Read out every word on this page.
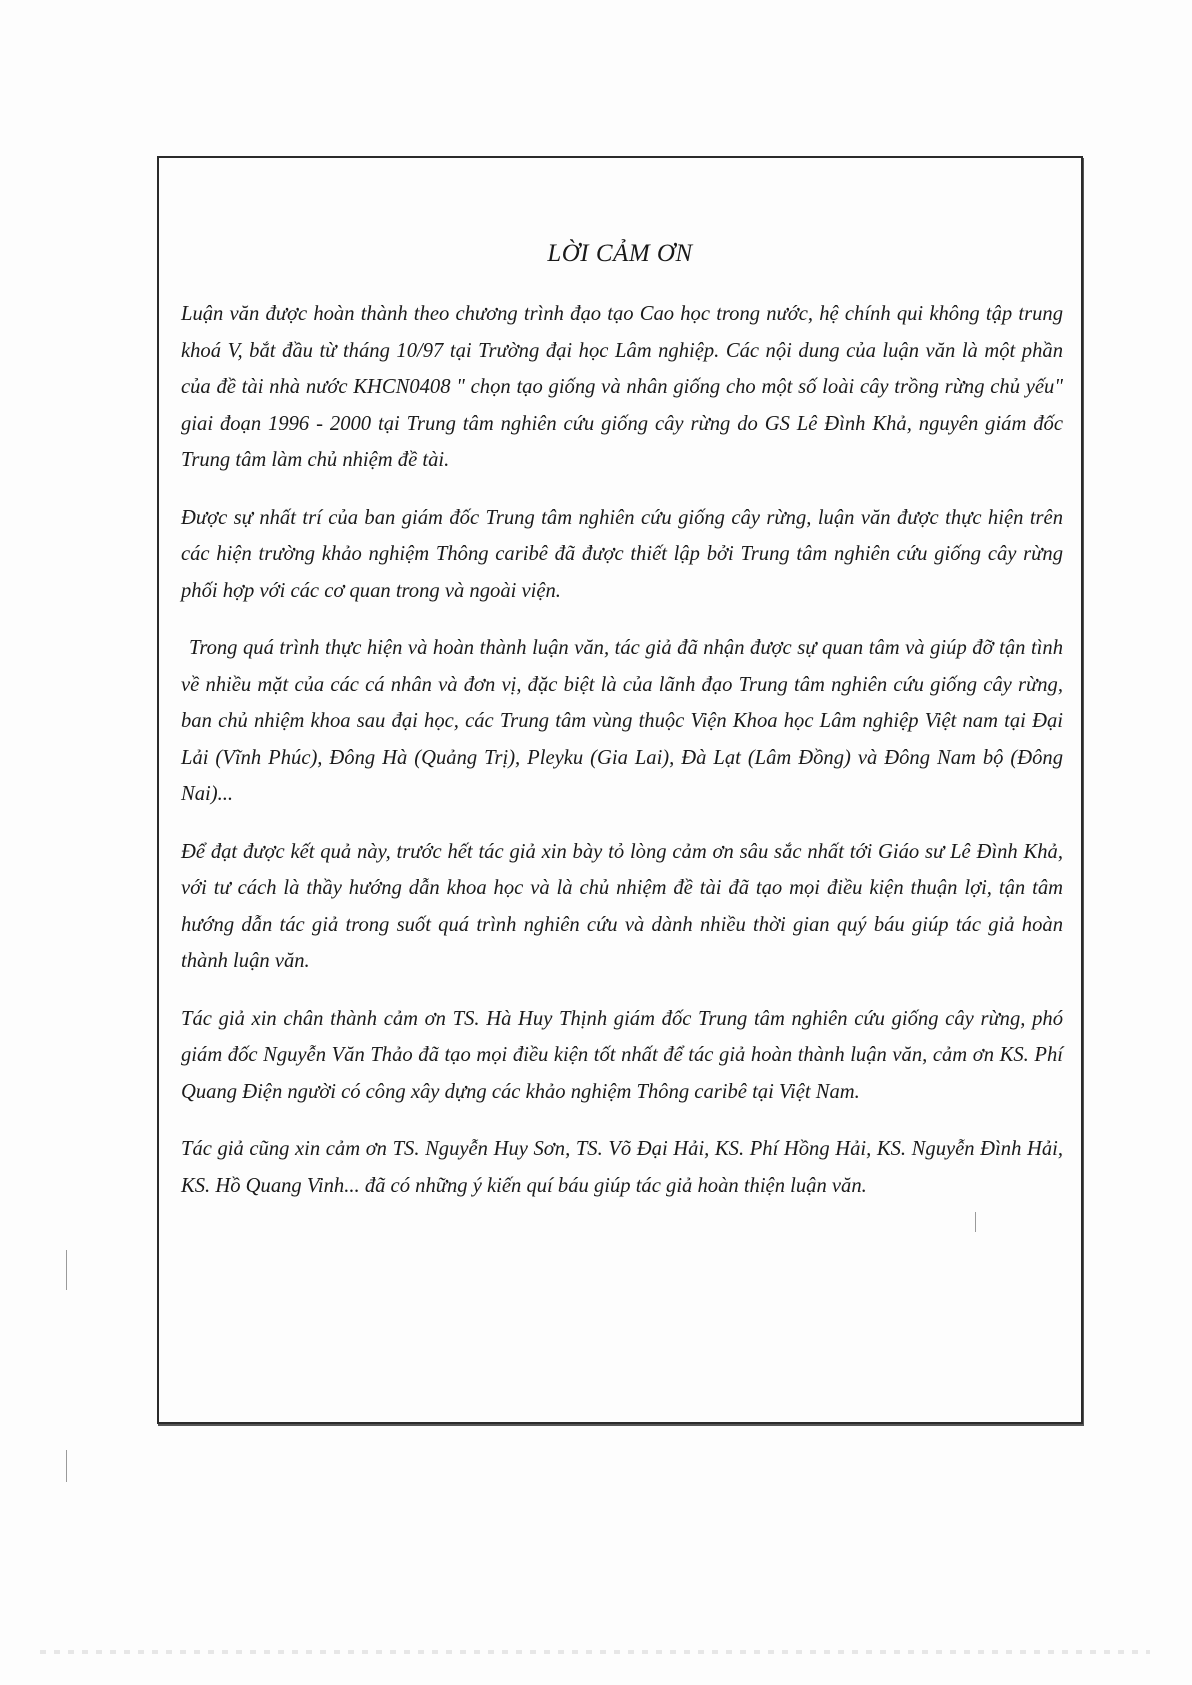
LỜI CẢM ƠN

Luận văn được hoàn thành theo chương trình đạo tạo Cao học trong nước, hệ chính qui không tập trung khoá V, bắt đầu từ tháng 10/97 tại Trường đại học Lâm nghiệp. Các nội dung của luận văn là một phần của đề tài nhà nước KHCN0408 " chọn tạo giống và nhân giống cho một số loài cây trồng rừng chủ yếu" giai đoạn 1996 - 2000 tại Trung tâm nghiên cứu giống cây rừng do GS Lê Đình Khả, nguyên giám đốc Trung tâm làm chủ nhiệm đề tài.

Được sự nhất trí của ban giám đốc Trung tâm nghiên cứu giống cây rừng, luận văn được thực hiện trên các hiện trường khảo nghiệm Thông caribê đã được thiết lập bởi Trung tâm nghiên cứu giống cây rừng phối hợp với các cơ quan trong và ngoài viện.

Trong quá trình thực hiện và hoàn thành luận văn, tác giả đã nhận được sự quan tâm và giúp đỡ tận tình về nhiều mặt của các cá nhân và đơn vị, đặc biệt là của lãnh đạo Trung tâm nghiên cứu giống cây rừng, ban chủ nhiệm khoa sau đại học, các Trung tâm vùng thuộc Viện Khoa học Lâm nghiệp Việt nam tại Đại Lải (Vĩnh Phúc), Đông Hà (Quảng Trị), Pleyku (Gia Lai), Đà Lạt (Lâm Đồng) và Đông Nam bộ (Đông Nai)...

Để đạt được kết quả này, trước hết tác giả xin bày tỏ lòng cảm ơn sâu sắc nhất tới Giáo sư Lê Đình Khả, với tư cách là thầy hướng dẫn khoa học và là chủ nhiệm đề tài đã tạo mọi điều kiện thuận lợi, tận tâm hướng dẫn tác giả trong suốt quá trình nghiên cứu và dành nhiều thời gian quý báu giúp tác giả hoàn thành luận văn.

Tác giả xin chân thành cảm ơn TS. Hà Huy Thịnh giám đốc Trung tâm nghiên cứu giống cây rừng, phó giám đốc Nguyễn Văn Thảo đã tạo mọi điều kiện tốt nhất để tác giả hoàn thành luận văn, cảm ơn KS. Phí Quang Điện người có công xây dựng các khảo nghiệm Thông caribê tại Việt Nam.

Tác giả cũng xin cảm ơn TS. Nguyễn Huy Sơn, TS. Võ Đại Hải, KS. Phí Hồng Hải, KS. Nguyễn Đình Hải, KS. Hồ Quang Vinh... đã có những ý kiến quí báu giúp tác giả hoàn thiện luận văn.
